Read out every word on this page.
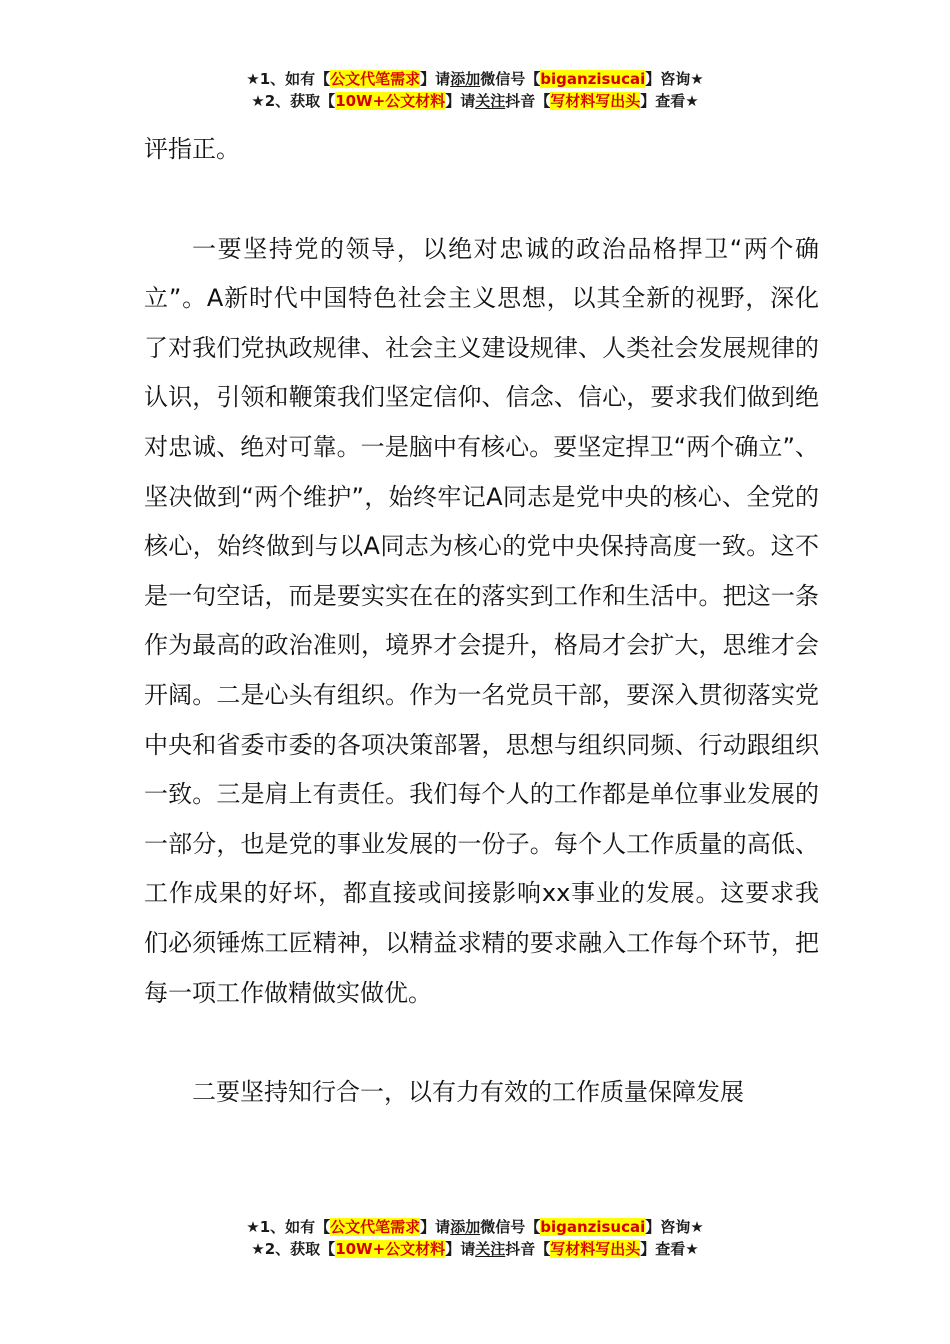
★1、如有【公文代笔需求】请添加微信号【biganzisucai】咨询★
★2、获取【10W+公文材料】请关注抖音【写材料写出头】查看★

评指正。

一要坚持党的领导，以绝对忠诚的政治品格捍卫“两个确立”。A新时代中国特色社会主义思想，以其全新的视野，深化了对我们党执政规律、社会主义建设规律、人类社会发展规律的认识，引领和鞭策我们坚定信仰、信念、信心，要求我们做到绝对忠诚、绝对可靠。一是脑中有核心。要坚定捍卫“两个确立”、坚决做到“两个维护”，始终牢记A同志是党中央的核心、全党的核心，始终做到与以A同志为核心的党中央保持高度一致。这不是一句空话，而是要实实在在的落实到工作和生活中。把这一条作为最高的政治准则，境界才会提升，格局才会扩大，思维才会开阔。二是心头有组织。作为一名党员干部，要深入贯彻落实党中央和省委市委的各项决策部署，思想与组织同频、行动跟组织一致。三是肩上有责任。我们每个人的工作都是单位事业发展的一部分，也是党的事业发展的一份子。每个人工作质量的高低、工作成果的好坏，都直接或间接影响xx事业的发展。这要求我们必须锤炼工匠精神，以精益求精的要求融入工作每个环节，把每一项工作做精做实做优。

二要坚持知行合一，以有力有效的工作质量保障发展

★1、如有【公文代笔需求】请添加微信号【biganzisucai】咨询★
★2、获取【10W+公文材料】请关注抖音【写材料写出头】查看★
